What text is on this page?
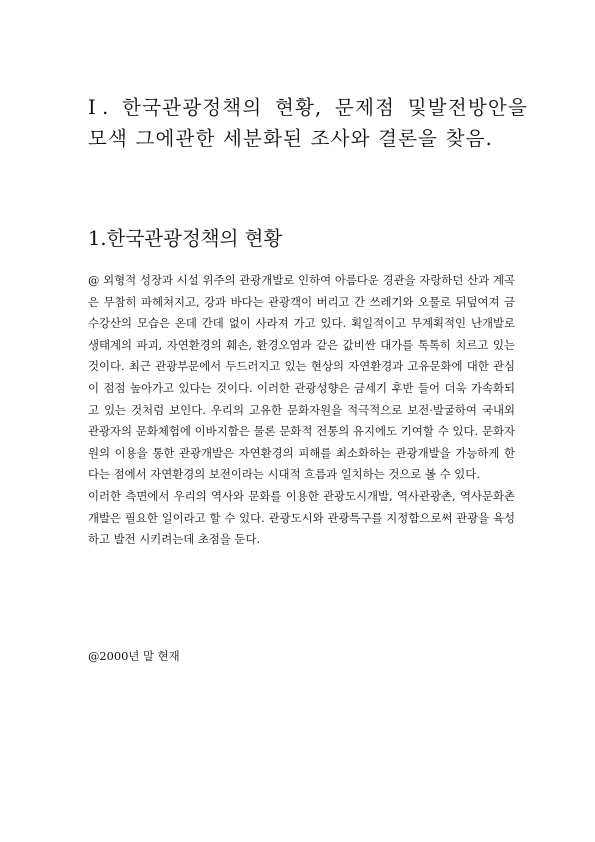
Ⅰ. 한국관광정책의 현황, 문제점 및발전방안을 모색 그에관한 세분화된 조사와 결론을 찾음.
1.한국관광정책의 현황

@ 외형적 성장과 시설 위주의 관광개발로 인하여 아름다운 경관을 자랑하던 산과 계곡은 무참히 파헤쳐지고, 강과 바다는 관광객이 버리고 간 쓰레기와 오물로 뒤덮여져 금수강산의 모습은 온데 간데 없이 사라져 가고 있다. 획일적이고 무계획적인 난개발로 생태계의 파괴, 자연환경의 훼손, 환경오염과 같은 값비싼 대가를 톡톡히 치르고 있는 것이다. 최근 관광부문에서 두드러지고 있는 현상의 자연환경과 고유문화에 대한 관심이 점점 높아가고 있다는 것이다. 이러한 관광성향은 금세기 후반 들어 더욱 가속화되고 있는 것처럼 보인다. 우리의 고유한 문화자원을 적극적으로 보전·발굴하여 국내외 관광자의 문화체험에 이바지함은 물론 문화적 전통의 유지에도 기여할 수 있다. 문화자원의 이용을 통한 관광개발은 자연환경의 피해를 최소화하는 관광개발을 가능하게 한다는 점에서 자연환경의 보전이라는 시대적 흐름과 일치하는 것으로 볼 수 있다.

이러한 측면에서 우리의 역사와 문화를 이용한 관광도시개발, 역사관광촌, 역사문화촌 개발은 필요한 일이라고 할 수 있다. 관광도시와 관광특구를 지정함으로써 관광을 육성하고 발전 시키려는데 초점을 둔다.

@2000년 말 현재
